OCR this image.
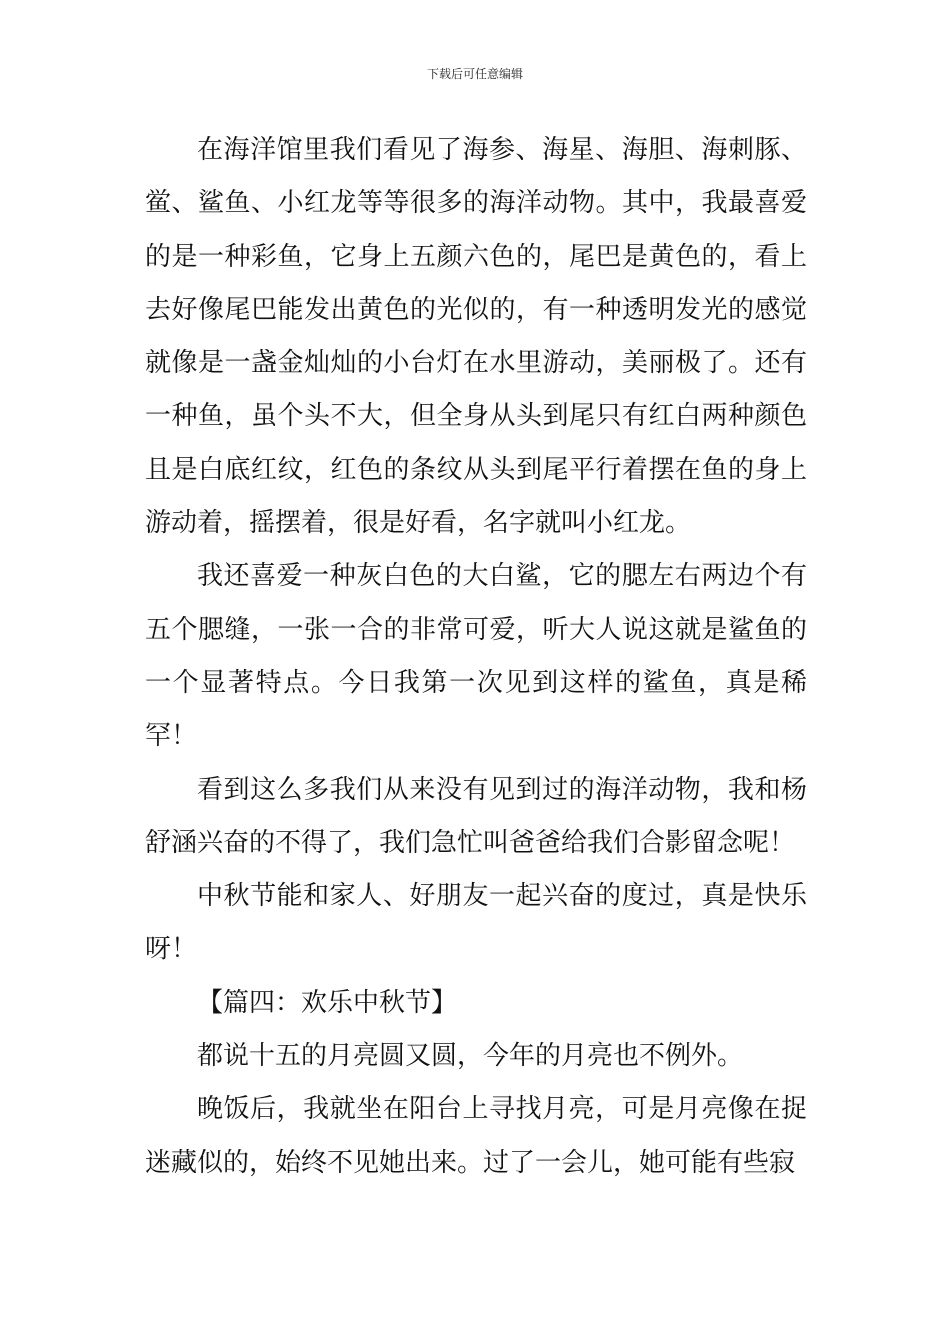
下载后可任意编辑

在海洋馆里我们看见了海参、海星、海胆、海刺豚、鲎、鲨鱼、小红龙等等很多的海洋动物。其中，我最喜爱的是一种彩鱼，它身上五颜六色的，尾巴是黄色的，看上去好像尾巴能发出黄色的光似的，有一种透明发光的感觉就像是一盏金灿灿的小台灯在水里游动，美丽极了。还有一种鱼，虽个头不大，但全身从头到尾只有红白两种颜色且是白底红纹，红色的条纹从头到尾平行着摆在鱼的身上游动着，摇摆着，很是好看，名字就叫小红龙。

我还喜爱一种灰白色的大白鲨，它的腮左右两边个有五个腮缝，一张一合的非常可爱，听大人说这就是鲨鱼的一个显著特点。今日我第一次见到这样的鲨鱼，真是稀罕！

看到这么多我们从来没有见到过的海洋动物，我和杨舒涵兴奋的不得了，我们急忙叫爸爸给我们合影留念呢！

中秋节能和家人、好朋友一起兴奋的度过，真是快乐呀！

【篇四：欢乐中秋节】

都说十五的月亮圆又圆，今年的月亮也不例外。

晚饭后，我就坐在阳台上寻找月亮，可是月亮像在捉迷藏似的，始终不见她出来。过了一会儿，她可能有些寂
